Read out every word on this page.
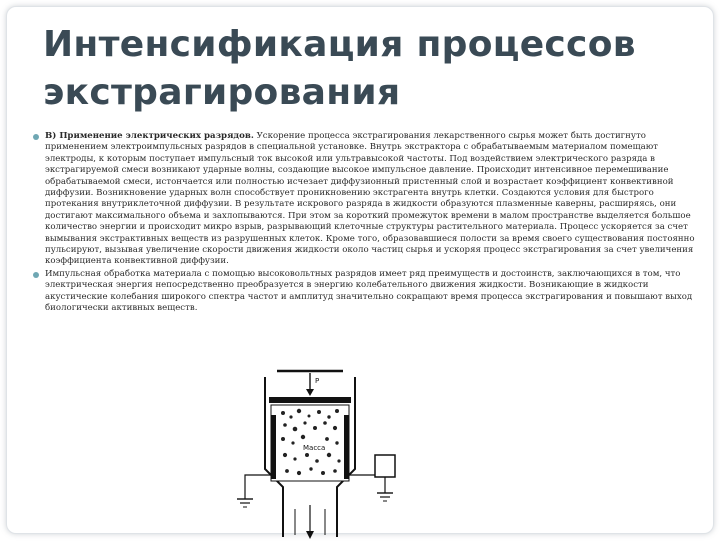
Интенсификация процессов экстрагирования

В) Применение электрических разрядов. Ускорение процесса экстрагирования лекарственного сырья может быть достигнуто применением электроимпульсных разрядов в специальной установке. Внутрь экстрактора с обрабатываемым материалом помещают электроды, к которым поступает импульсный ток высокой или ультравысокой частоты. Под воздействием электрического разряда в экстрагируемой смеси возникают ударные волны, создающие высокое импульсное давление. Происходит интенсивное перемешивание обрабатываемой смеси, истончается или полностью исчезает диффузионный пристенный слой и возрастает коэффициент конвективной диффузии. Возникновение ударных волн способствует проникновению экстрагента внутрь клетки. Создаются условия для быстрого протекания внутриклеточной диффузии. В результате искрового разряда в жидкости образуются плазменные каверны, расширяясь, они достигают максимального объема и захлопываются. При этом за короткий промежуток времени в малом пространстве выделяется большое количество энергии и происходит микро взрыв, разрывающий клеточные структуры растительного материала. Процесс ускоряется за счет вымывания экстрактивных веществ из разрушенных клеток. Кроме того, образовавшиеся полости за время своего существования постоянно пульсируют, вызывая увеличение скорости движения жидкости около частиц сырья и ускоряя процесс экстрагирования за счет увеличения коэффициента конвективной диффузии.

Импульсная обработка материала с помощью высоковольтных разрядов имеет ряд преимуществ и достоинств, заключающихся в том, что электрическая энергия непосредственно преобразуется в энергию колебательного движения жидкости. Возникающие в жидкости акустические колебания широкого спектра частот и амплитуд значительно сокращают время процесса экстрагирования и повышают выход биологически активных веществ.

P
Масса
